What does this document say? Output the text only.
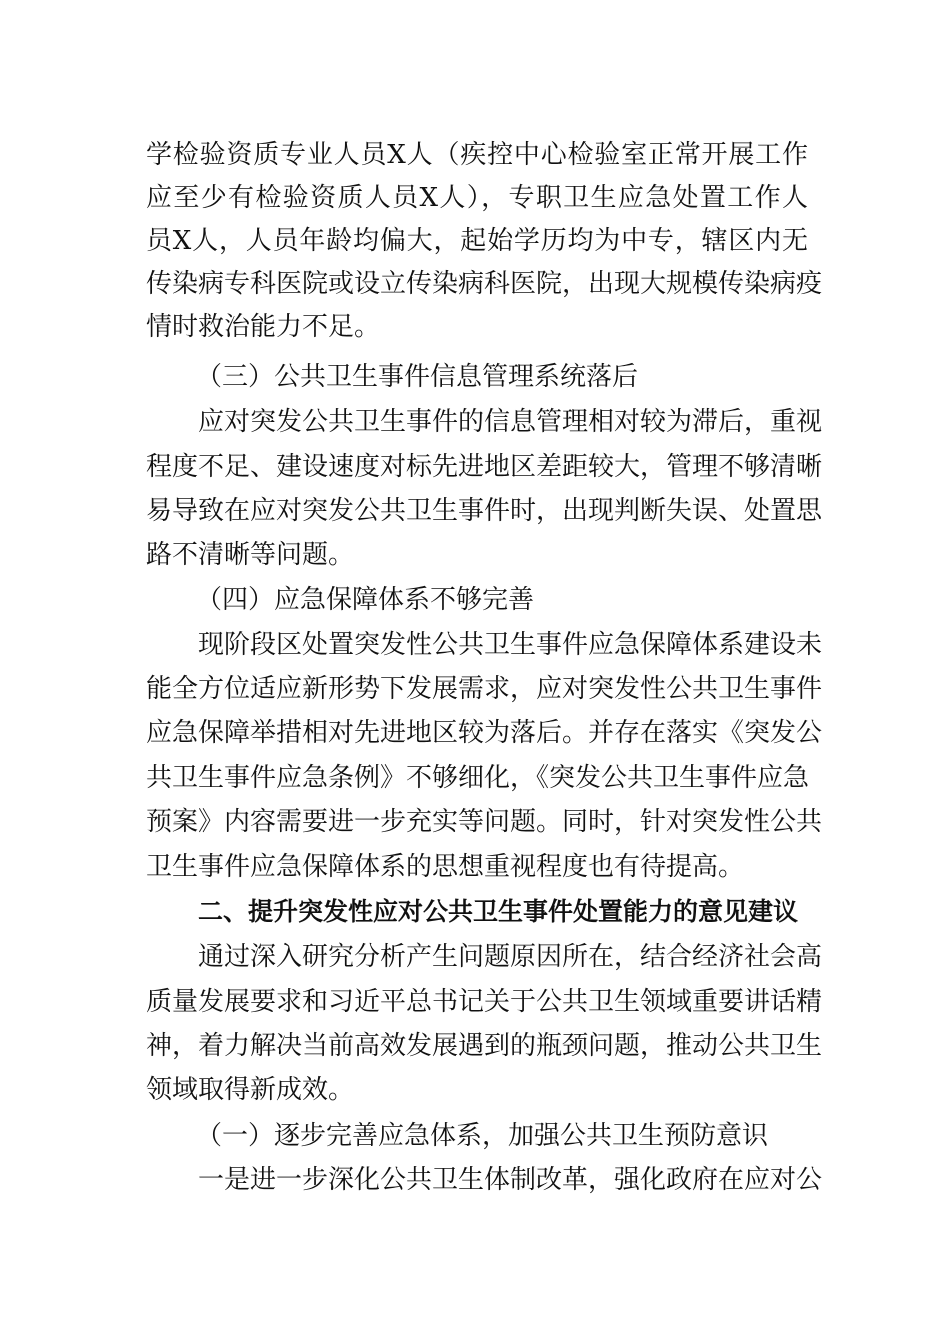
学检验资质专业人员X人（疾控中心检验室正常开展工作
应至少有检验资质人员X人），专职卫生应急处置工作人
员X人，人员年龄均偏大，起始学历均为中专，辖区内无
传染病专科医院或设立传染病科医院，出现大规模传染病疫
情时救治能力不足。
（三）公共卫生事件信息管理系统落后
应对突发公共卫生事件的信息管理相对较为滞后，重视
程度不足、建设速度对标先进地区差距较大，管理不够清晰
易导致在应对突发公共卫生事件时，出现判断失误、处置思
路不清晰等问题。
（四）应急保障体系不够完善
现阶段区处置突发性公共卫生事件应急保障体系建设未
能全方位适应新形势下发展需求，应对突发性公共卫生事件
应急保障举措相对先进地区较为落后。并存在落实《突发公
共卫生事件应急条例》不够细化，《突发公共卫生事件应急
预案》内容需要进一步充实等问题。同时，针对突发性公共
卫生事件应急保障体系的思想重视程度也有待提高。
二、提升突发性应对公共卫生事件处置能力的意见建议
通过深入研究分析产生问题原因所在，结合经济社会高
质量发展要求和习近平总书记关于公共卫生领域重要讲话精
神，着力解决当前高效发展遇到的瓶颈问题，推动公共卫生
领域取得新成效。
（一）逐步完善应急体系，加强公共卫生预防意识
一是进一步深化公共卫生体制改革，强化政府在应对公
